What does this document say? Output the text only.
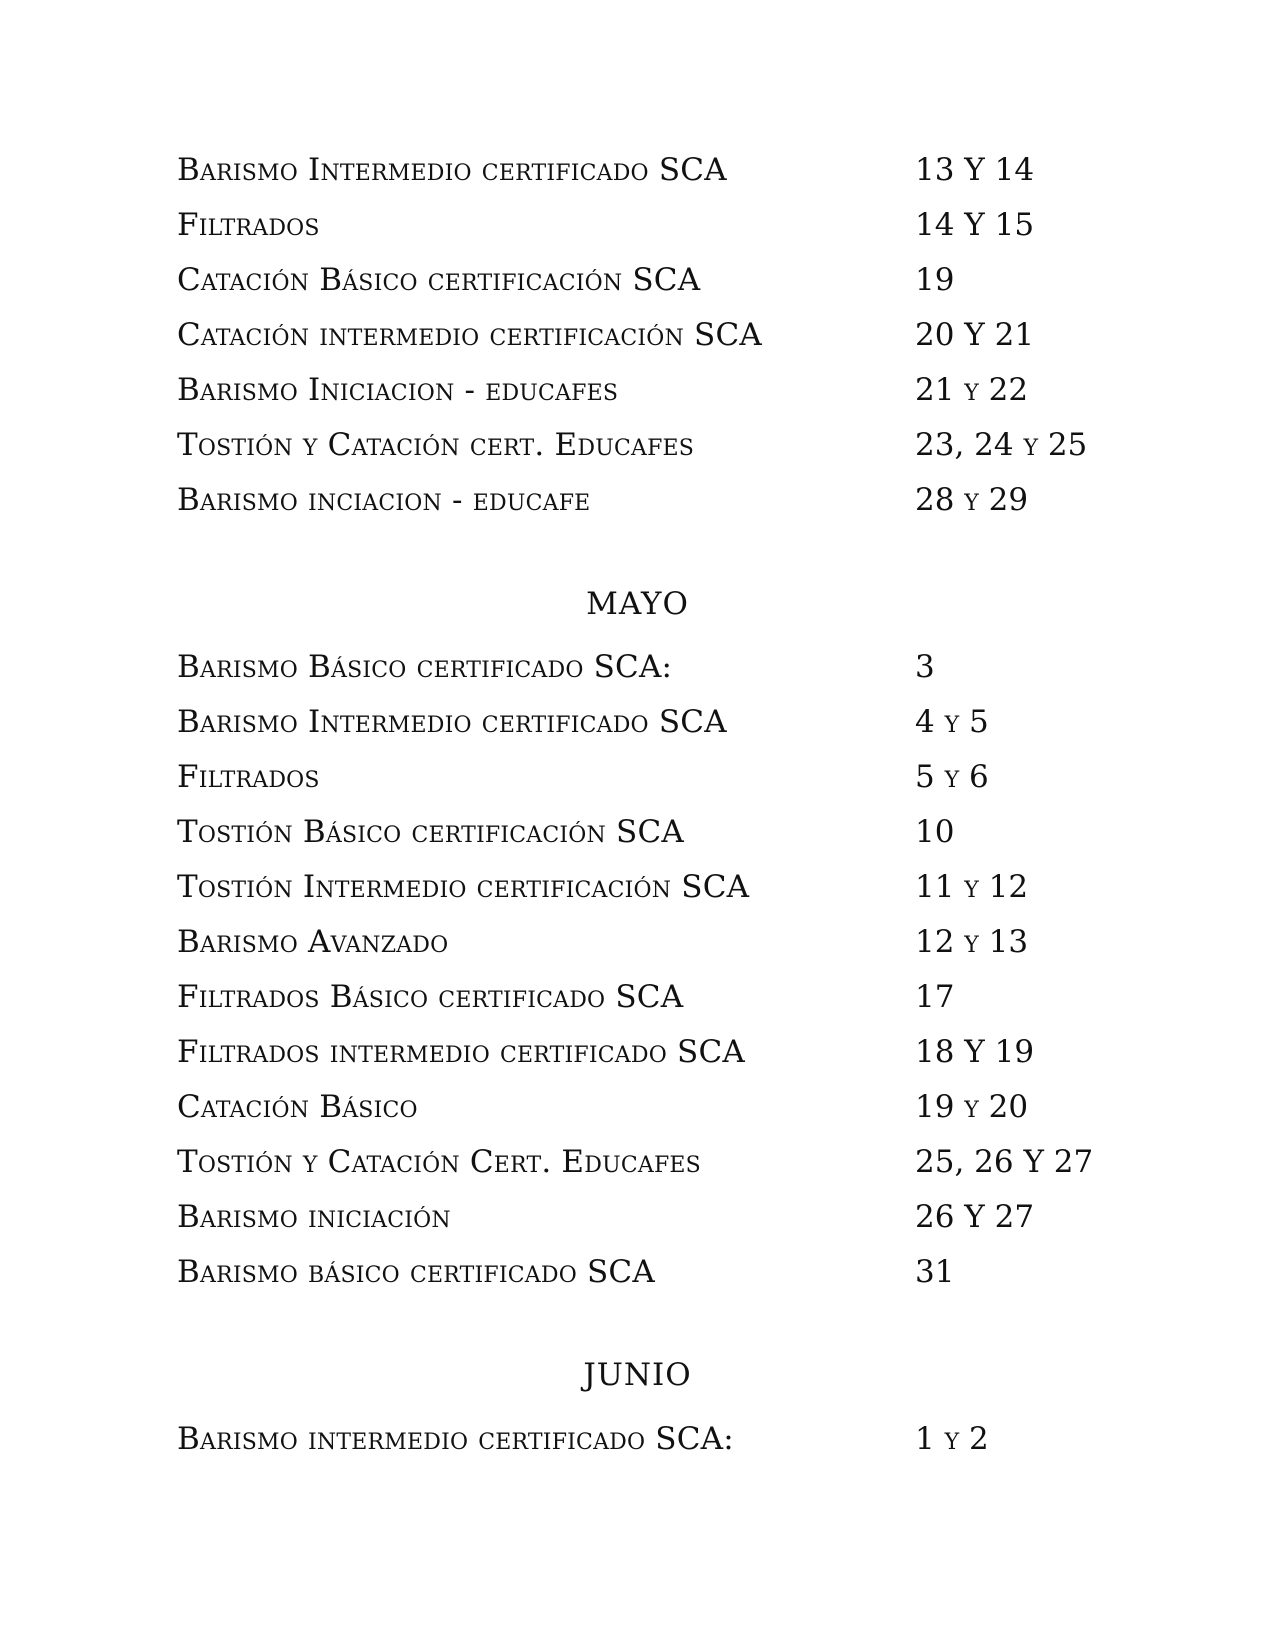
Barismo Intermedio certificado SCA	13 Y 14
Filtrados	14 Y 15
Catación Básico certificación SCA	19
Catación intermedio certificación SCA	20 Y 21
Barismo Iniciacion - educafes	21 y 22
Tostión y Catación cert. Educafes	23, 24 y 25
Barismo inciacion - educafe	28 y 29
MAYO
Barismo Básico certificado SCA:	3
Barismo Intermedio certificado SCA	4 y 5
Filtrados	5 y 6
Tostión Básico certificación SCA	10
Tostión Intermedio certificación SCA	11 y 12
Barismo Avanzado	12 y 13
Filtrados Básico certificado SCA	17
Filtrados intermedio certificado SCA	18 Y 19
Catación Básico	19 y 20
Tostión y Catación Cert. Educafes	25, 26 Y 27
Barismo iniciación	26 Y 27
Barismo básico certificado SCA	31
JUNIO
Barismo intermedio certificado SCA:	1 y 2
